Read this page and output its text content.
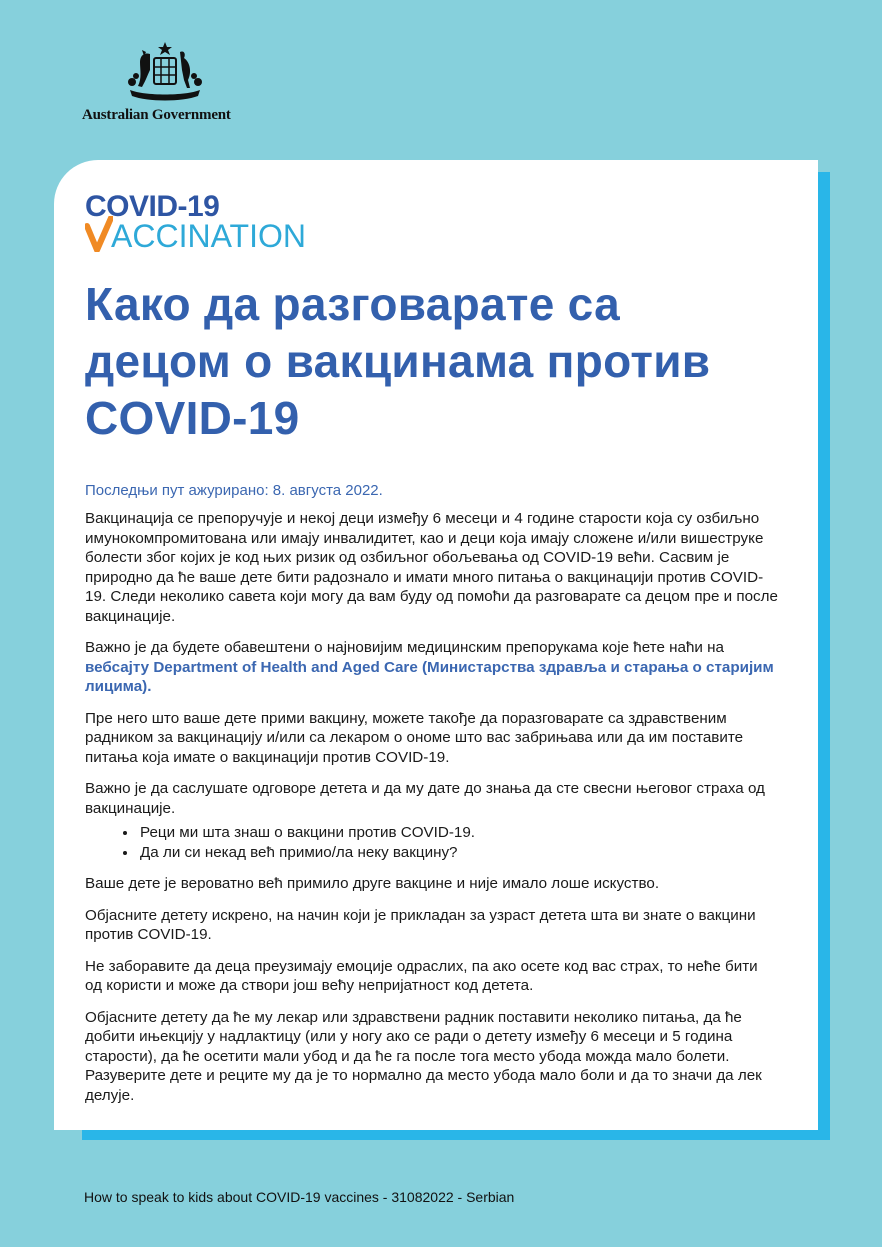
Australian Government
COVID-19
ACCINATION
Како да разговарате са децом о вакцинама против COVID-19
Последњи пут ажурирано: 8. августа 2022.

Вакцинација се препоручује и некој деци између 6 месеци и 4 године старости која су озбиљно имунокомпромитована или имају инвалидитет, као и деци која имају сложене и/или вишеструке болести због којих је код њих ризик од озбиљног обољевања од COVID-19 већи. Сасвим је природно да ће ваше дете бити радознало и имати много питања о вакцинацији против COVID-19. Следи неколико савета који могу да вам буду од помоћи да разговарате са децом пре и после вакцинације.

Важно је да будете обавештени о најновијим медицинским препорукама које ћете наћи на вебсајту Department of Health and Aged Care (Министарства здравља и старања о старијим лицима).

Пре него што ваше дете прими вакцину, можете такође да поразговарате са здравственим радником за вакцинацију и/или са лекаром о ономе што вас забрињава или да им поставите питања која имате о вакцинацији против COVID-19.

Важно је да саслушате одговоре детета и да му дате до знања да сте свесни његовог страха од вакцинације.

• Реци ми шта знаш о вакцини против COVID-19.
• Да ли си некад већ примио/ла неку вакцину?

Ваше дете је вероватно већ примило друге вакцине и није имало лоше искуство.

Објасните детету искрено, на начин који је прикладан за узраст детета шта ви знате о вакцини против COVID-19.

Не заборавите да деца преузимају емоције одраслих, па ако осете код вас страх, то неће бити од користи и може да створи још већу непријатност код детета.

Објасните детету да ће му лекар или здравствени радник поставити неколико питања, да ће добити ињекцију у надлактицу (или у ногу ако се ради о детету између 6 месеци и 5 година старости), да ће осетити мали убод и да ће га после тога место убода можда мало болети. Разуверите дете и реците му да је то нормално да место убода мало боли и да то значи да лек делује.

How to speak to kids about COVID-19 vaccines - 31082022 - Serbian
